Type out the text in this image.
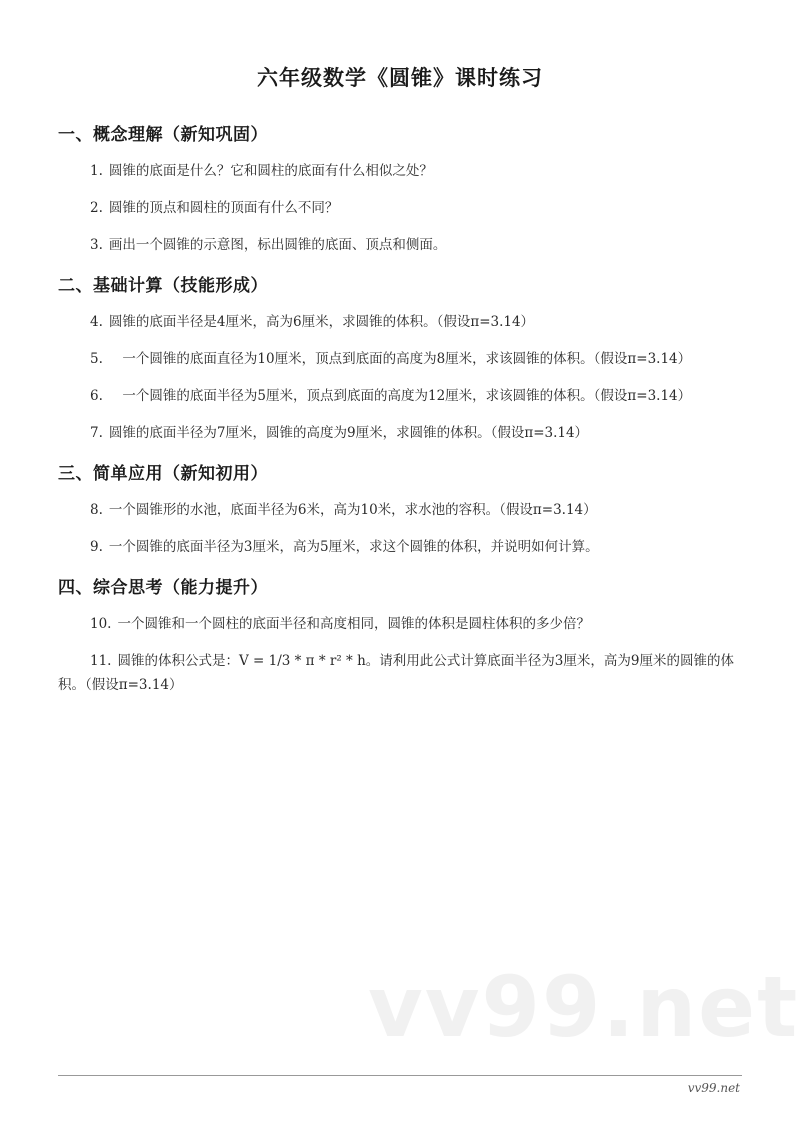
vv99.net
六年级数学《圆锥》课时练习
一、概念理解（新知巩固）

1. 圆锥的底面是什么？它和圆柱的底面有什么相似之处？

2. 圆锥的顶点和圆柱的顶面有什么不同？

3. 画出一个圆锥的示意图，标出圆锥的底面、顶点和侧面。

二、基础计算（技能形成）

4. 圆锥的底面半径是4厘米，高为6厘米，求圆锥的体积。（假设π=3.14）

5.　一个圆锥的底面直径为10厘米，顶点到底面的高度为8厘米，求该圆锥的体积。（假设π=3.14）

6.　一个圆锥的底面半径为5厘米，顶点到底面的高度为12厘米，求该圆锥的体积。（假设π=3.14）

7. 圆锥的底面半径为7厘米，圆锥的高度为9厘米，求圆锥的体积。（假设π=3.14）

三、简单应用（新知初用）

8. 一个圆锥形的水池，底面半径为6米，高为10米，求水池的容积。（假设π=3.14）

9. 一个圆锥的底面半径为3厘米，高为5厘米，求这个圆锥的体积，并说明如何计算。

四、综合思考（能力提升）

10. 一个圆锥和一个圆柱的底面半径和高度相同，圆锥的体积是圆柱体积的多少倍？

11. 圆锥的体积公式是：V = 1/3 * π * r² * h。请利用此公式计算底面半径为3厘米，高为9厘米的圆锥的体积。（假设π=3.14）

vv99.net
